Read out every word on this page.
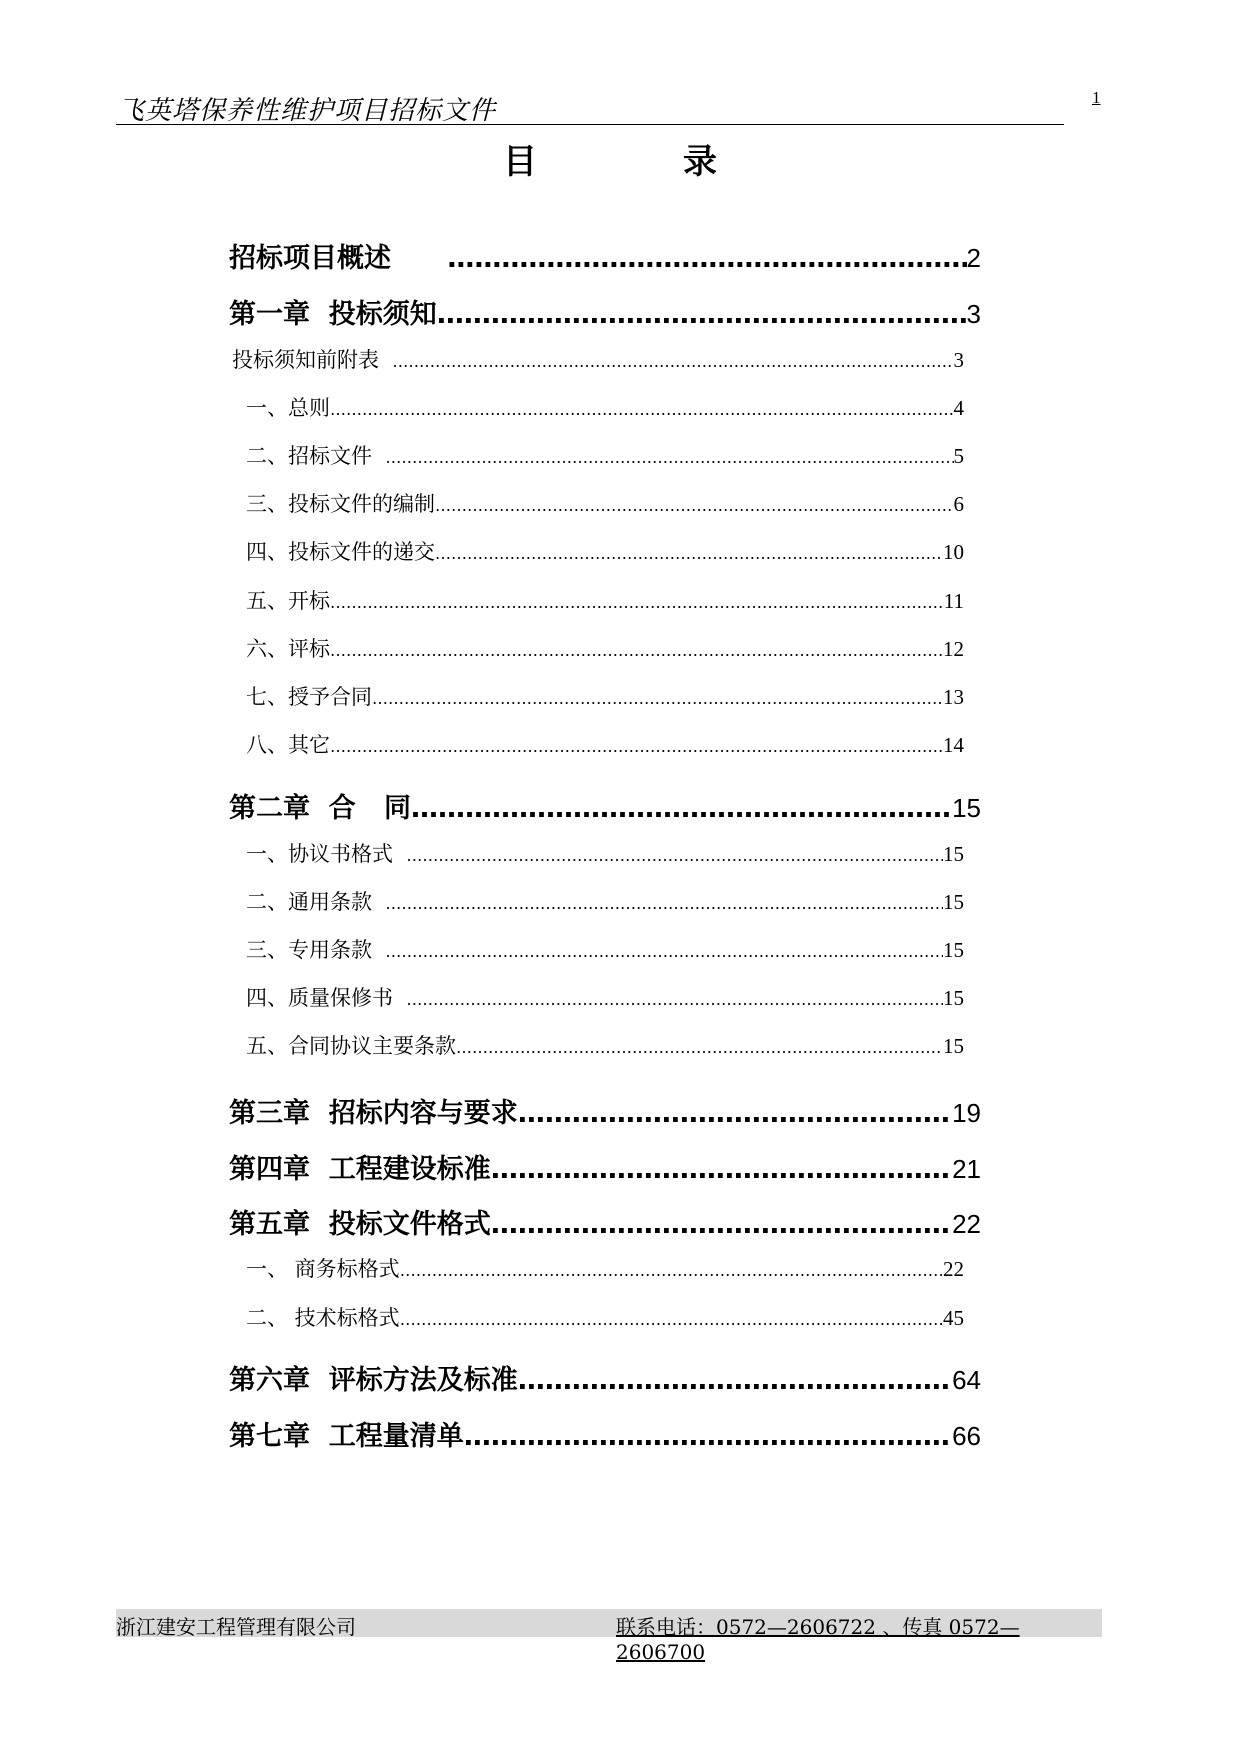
飞英塔保养性维护项目招标文件	1
目	录
招标项目概述 ……………………………………………………………………………………………………………………………………………………………………………………………………………………………………………………………	2
第一章  投标须知 ……………………………………………………………………………………………………………………………………………………………………………………………………………………………………………………………	3
投标须知前附表 ……………………………………………………………………………………………………………………………………………………………………………………………………………………………………………………………	3
一、 总则 ……………………………………………………………………………………………………………………………………………………………………………………………………………………………………………………………	4
二、 招标文件 ……………………………………………………………………………………………………………………………………………………………………………………………………………………………………………………………	5
三、 投标文件的编制 ……………………………………………………………………………………………………………………………………………………………………………………………………………………………………………………………	6
四、 投标文件的递交 ……………………………………………………………………………………………………………………………………………………………………………………………………………………………………………………………	10
五、 开标 ……………………………………………………………………………………………………………………………………………………………………………………………………………………………………………………………	11
六、 评标 ……………………………………………………………………………………………………………………………………………………………………………………………………………………………………………………………	12
七、 授予合同 ……………………………………………………………………………………………………………………………………………………………………………………………………………………………………………………………	13
八、 其它 ……………………………………………………………………………………………………………………………………………………………………………………………………………………………………………………………	14
第二章  合   同 ……………………………………………………………………………………………………………………………………………………………………………………………………………………………………………………………	15
一、 协议书格式 ……………………………………………………………………………………………………………………………………………………………………………………………………………………………………………………………	15
二、 通用条款 ……………………………………………………………………………………………………………………………………………………………………………………………………………………………………………………………	15
三、 专用条款 ……………………………………………………………………………………………………………………………………………………………………………………………………………………………………………………………	15
四、 质量保修书 ……………………………………………………………………………………………………………………………………………………………………………………………………………………………………………………………	15
五、 合同协议主要条款 ……………………………………………………………………………………………………………………………………………………………………………………………………………………………………………………………	15
第三章  招标内容与要求 ……………………………………………………………………………………………………………………………………………………………………………………………………………………………………………………………	19
第四章  工程建设标准 ……………………………………………………………………………………………………………………………………………………………………………………………………………………………………………………………	21
第五章  投标文件格式 ……………………………………………………………………………………………………………………………………………………………………………………………………………………………………………………………	22
一、 商务标格式 ……………………………………………………………………………………………………………………………………………………………………………………………………………………………………………………………	22
二、 技术标格式 ……………………………………………………………………………………………………………………………………………………………………………………………………………………………………………………………	45
第六章  评标方法及标准 ……………………………………………………………………………………………………………………………………………………………………………………………………………………………………………………………	64
第七章  工程量清单 ……………………………………………………………………………………………………………………………………………………………………………………………………………………………………………………………	66
浙江建安工程管理有限公司	联系电话：0572—2606722 、传真 0572—2606700
